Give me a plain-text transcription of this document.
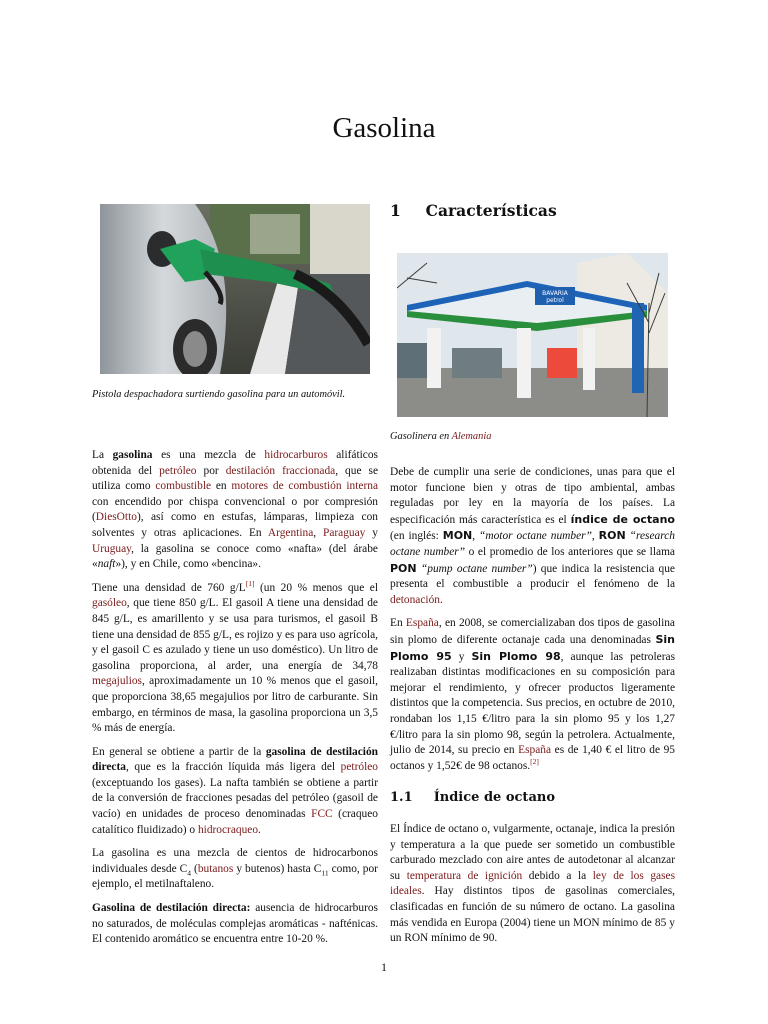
Gasolina
Pistola despachadora surtiendo gasolina para un automóvil.
1 Características
BAVARIA
petrol
Gasolinera en Alemania

La gasolina es una mezcla de hidrocarburos alifáticos obtenida del petróleo por destilación fraccionada, que se utiliza como combustible en motores de combustión interna con encendido por chispa convencional o por compresión (DiesOtto), así como en estufas, lámparas, limpieza con solventes y otras aplicaciones. En Argentina, Paraguay y Uruguay, la gasolina se conoce como «nafta» (del árabe «naft»), y en Chile, como «bencina».

Tiene una densidad de 760 g/L[1] (un 20 % menos que el gasóleo, que tiene 850 g/L. El gasoil A tiene una densidad de 845 g/L, es amarillento y se usa para turismos, el gasoil B tiene una densidad de 855 g/L, es rojizo y es para uso agrícola, y el gasoil C es azulado y tiene un uso doméstico). Un litro de gasolina proporciona, al arder, una energía de 34,78 megajulios, aproximadamente un 10 % menos que el gasoil, que proporciona 38,65 megajulios por litro de carburante. Sin embargo, en términos de masa, la gasolina proporciona un 3,5 % más de energía.

En general se obtiene a partir de la gasolina de destilación directa, que es la fracción líquida más ligera del petróleo (exceptuando los gases). La nafta también se obtiene a partir de la conversión de fracciones pesadas del petróleo (gasoil de vacío) en unidades de proceso denominadas FCC (craqueo catalítico fluidizado) o hidrocraqueo.

La gasolina es una mezcla de cientos de hidrocarbonos individuales desde $C_4$ (butanos y butenos) hasta $C_{11}$ como, por ejemplo, el metilnaftaleno.

Gasolina de destilación directa: ausencia de hidrocarburos no saturados, de moléculas complejas aromáticas - nafténicas. El contenido aromático se encuentra entre 10-20 %.

Debe de cumplir una serie de condiciones, unas para que el motor funcione bien y otras de tipo ambiental, ambas reguladas por ley en la mayoría de los países. La especificación más característica es el índice de octano (en inglés: MON, “motor octane number”, RON “research octane number” o el promedio de los anteriores que se llama PON “pump octane number”) que indica la resistencia que presenta el combustible a producir el fenómeno de la detonación.

En España, en 2008, se comercializaban dos tipos de gasolina sin plomo de diferente octanaje cada una denominadas Sin Plomo 95 y Sin Plomo 98, aunque las petroleras realizaban distintas modificaciones en su composición para mejorar el rendimiento, y ofrecer productos ligeramente distintos que la competencia. Sus precios, en octubre de 2010, rondaban los 1,15 €/litro para la sin plomo 95 y los 1,27 €/litro para la sin plomo 98, según la petrolera. Actualmente, julio de 2014, su precio en España es de 1,40 € el litro de 95 octanos y 1,52€ de 98 octanos.[2]

1.1 Índice de octano

El Índice de octano o, vulgarmente, octanaje, indica la presión y temperatura a la que puede ser sometido un combustible carburado mezclado con aire antes de autodetonar al alcanzar su temperatura de ignición debido a la ley de los gases ideales. Hay distintos tipos de gasolinas comerciales, clasificadas en función de su número de octano. La gasolina más vendida en Europa (2004) tiene un MON mínimo de 85 y un RON mínimo de 90.

1
